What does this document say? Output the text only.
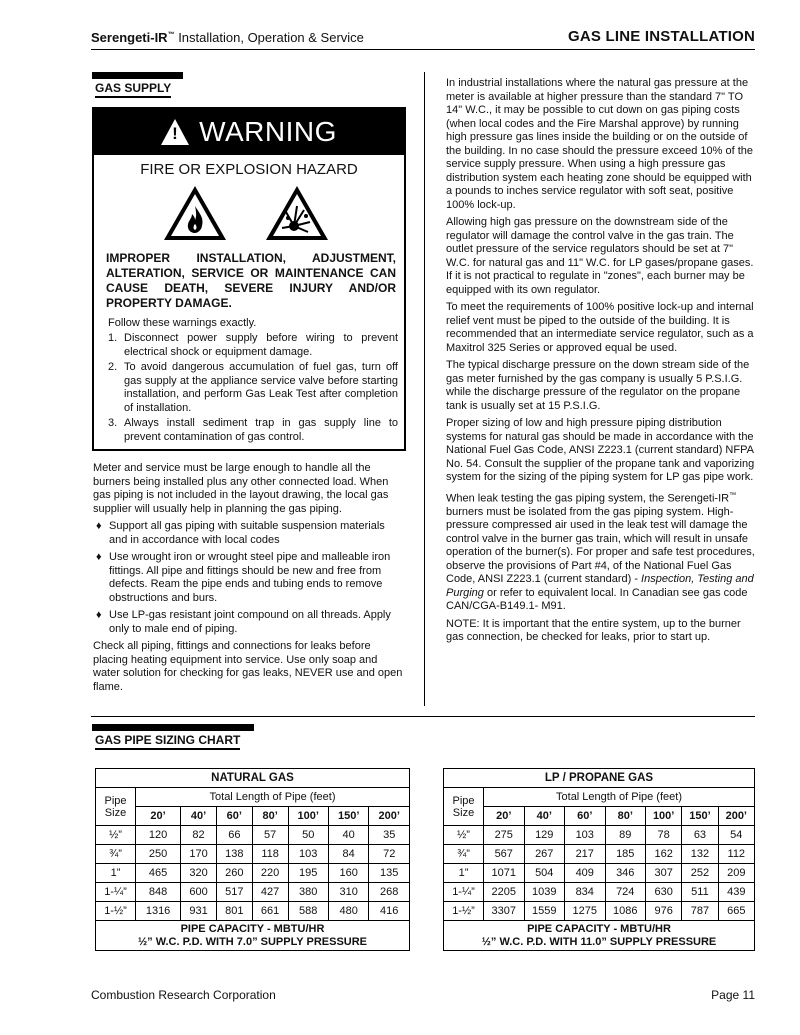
Serengeti-IR™ Installation, Operation & Service	GAS LINE INSTALLATION
GAS SUPPLY
! WARNING
FIRE OR EXPLOSION HAZARD
IMPROPER INSTALLATION, ADJUSTMENT, ALTERATION, SERVICE OR MAINTENANCE CAN CAUSE DEATH, SEVERE INJURY AND/OR PROPERTY DAMAGE.
Follow these warnings exactly.
1. Disconnect power supply before wiring to prevent electrical shock or equipment damage.
2. To avoid dangerous accumulation of fuel gas, turn off gas supply at the appliance service valve before starting installation, and perform Gas Leak Test after completion of installation.
3. Always install sediment trap in gas supply line to prevent contamination of gas control.

Meter and service must be large enough to handle all the burners being installed plus any other connected load. When gas piping is not included in the layout drawing, the local gas supplier will usually help in planning the gas piping.

♦ Support all gas piping with suitable suspension materials and in accordance with local codes
♦ Use wrought iron or wrought steel pipe and malleable iron fittings. All pipe and fittings should be new and free from defects. Ream the pipe ends and tubing ends to remove obstructions and burs.
♦ Use LP-gas resistant joint compound on all threads. Apply only to male end of piping.

Check all piping, fittings and connections for leaks before placing heating equipment into service. Use only soap and water solution for checking for gas leaks, NEVER use and open flame.

In industrial installations where the natural gas pressure at the meter is available at higher pressure than the standard 7" TO 14" W.C., it may be possible to cut down on gas piping costs (when local codes and the Fire Marshal approve) by running high pressure gas lines inside the building or on the outside of the building. In no case should the pressure exceed 10% of the service supply pressure. When using a high pressure gas distribution system each heating zone should be equipped with a pounds to inches service regulator with soft seat, positive 100% lock-up.

Allowing high gas pressure on the downstream side of the regulator will damage the control valve in the gas train. The outlet pressure of the service regulators should be set at 7" W.C. for natural gas and 11" W.C. for LP gases/propane gases. If it is not practical to regulate in "zones", each burner may be equipped with its own regulator.

To meet the requirements of 100% positive lock-up and internal relief vent must be piped to the outside of the building. It is recommended that an intermediate service regulator, such as a Maxitrol 325 Series or approved equal be used.

The typical discharge pressure on the down stream side of the gas meter furnished by the gas company is usually 5 P.S.I.G. while the discharge pressure of the regulator on the propane tank is usually set at 15 P.S.I.G.

Proper sizing of low and high pressure piping distribution systems for natural gas should be made in accordance with the National Fuel Gas Code, ANSI Z223.1 (current standard) NFPA No. 54. Consult the supplier of the propane tank and vaporizing system for the sizing of the piping system for LP gas pipe work.

When leak testing the gas piping system, the Serengeti-IR™ burners must be isolated from the gas piping system. High-pressure compressed air used in the leak test will damage the control valve in the burner gas train, which will result in unsafe operation of the burner(s). For proper and safe test procedures, observe the provisions of Part #4, of the National Fuel Gas Code, ANSI Z223.1 (current standard) - Inspection, Testing and Purging or refer to equivalent local. In Canadian see gas code CAN/CGA-B149.1- M91.

NOTE: It is important that the entire system, up to the burner gas connection, be checked for leaks, prior to start up.

GAS PIPE SIZING CHART
NATURAL GAS							
Pipe Size	Total Length of Pipe (feet)						
	20’	40’	60’	80’	100’	150’	200’
½”	120	82	66	57	50	40	35
¾”	250	170	138	118	103	84	72
1”	465	320	260	220	195	160	135
1-¼”	848	600	517	427	380	310	268
1-½”	1316	931	801	661	588	480	416

PIPE CAPACITY - MBTU/HR
½” W.C. P.D. WITH 7.0” SUPPLY PRESSURE							
LP / PROPANE GAS							
Pipe Size	Total Length of Pipe (feet)						
	20’	40’	60’	80’	100’	150’	200’
½”	275	129	103	89	78	63	54
¾”	567	267	217	185	162	132	112
1”	1071	504	409	346	307	252	209
1-¼”	2205	1039	834	724	630	511	439
1-½”	3307	1559	1275	1086	976	787	665

PIPE CAPACITY - MBTU/HR
½” W.C. P.D. WITH 11.0” SUPPLY PRESSURE							
Combustion Research Corporation	Page 11
